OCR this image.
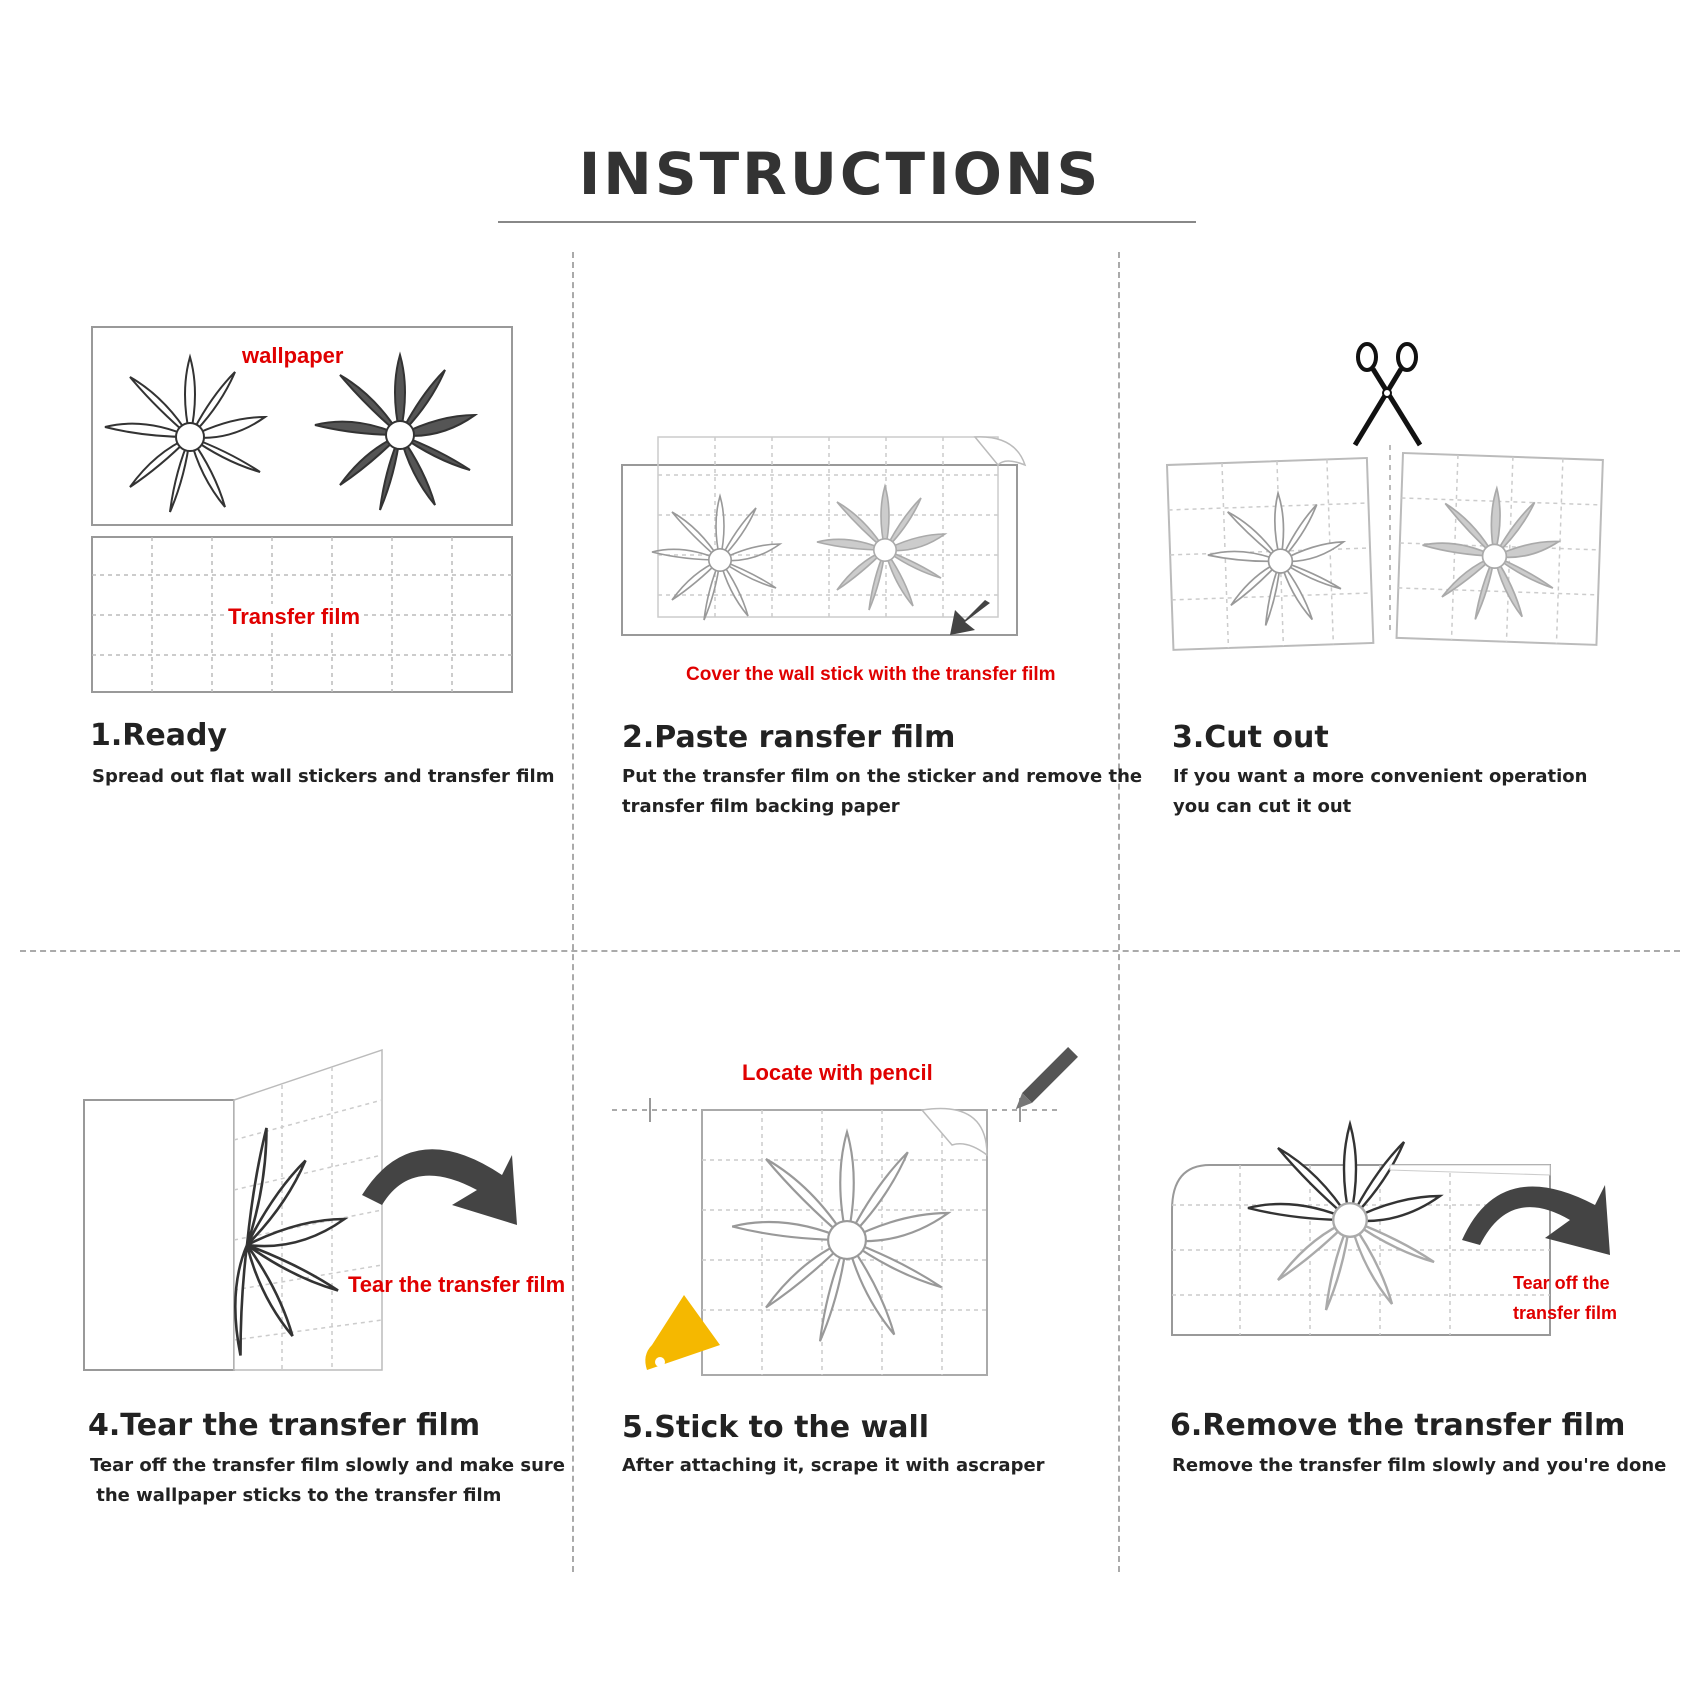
INSTRUCTIONS
wallpaper
Transfer film
Cover the wall stick with the transfer film
Tear the transfer film
Locate with pencil
Tear off the
transfer film
1.Ready
Spread out flat wall stickers and transfer film
2.Paste ransfer film
Put the transfer film on the sticker and remove the
transfer film backing paper
3.Cut out
If you want a more convenient operation
you can cut it out
4.Tear the transfer film
Tear off the transfer film slowly and make sure
the wallpaper sticks to the transfer film
5.Stick to the wall
After attaching it, scrape it with ascraper
6.Remove the transfer film
Remove the transfer film slowly and you're done
